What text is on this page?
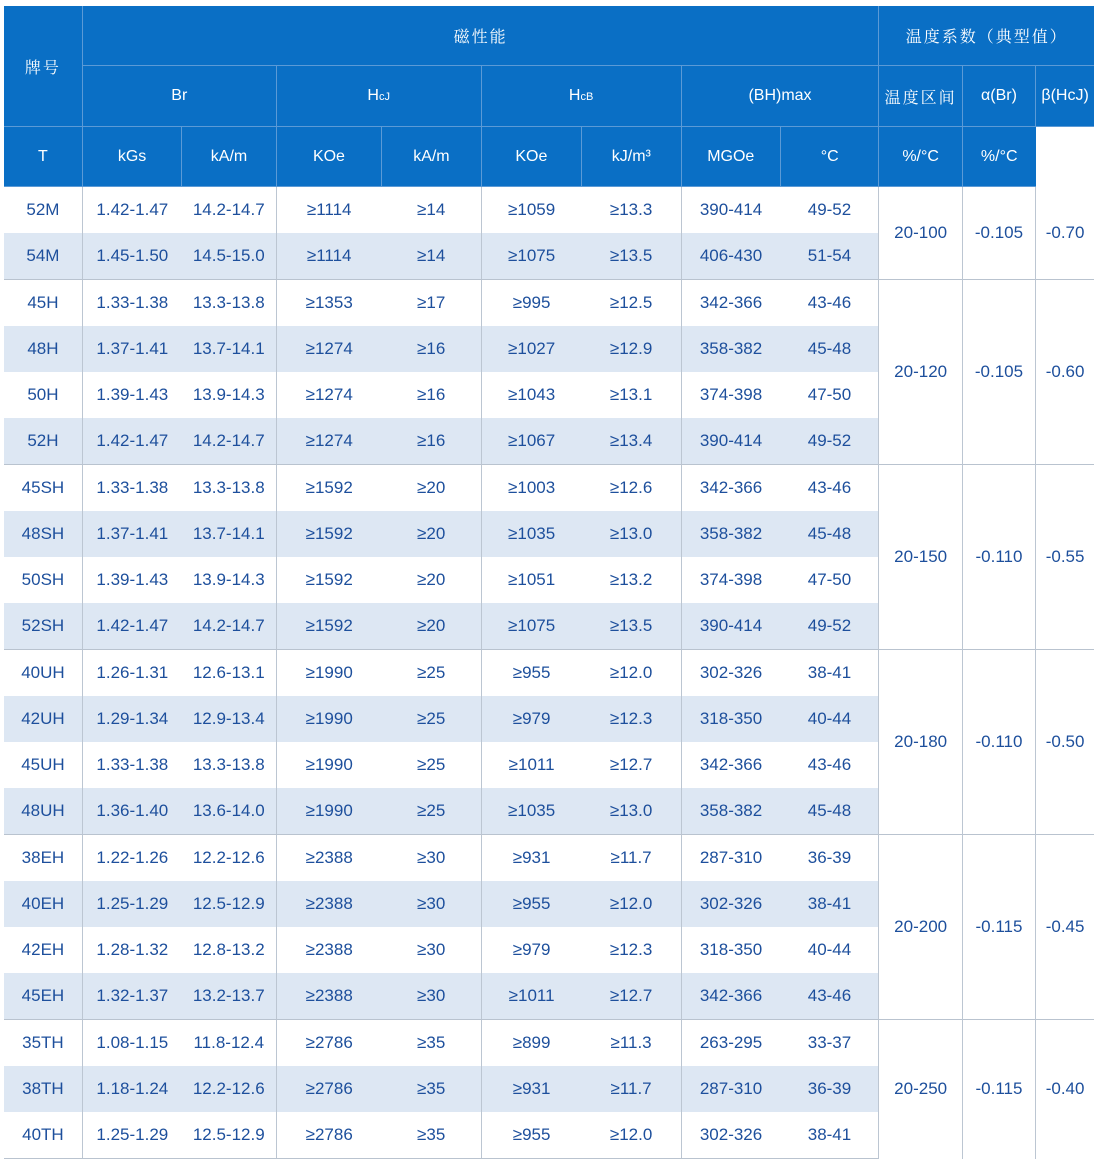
牌号	磁性能								温度系数（典型值）		
	Br		HcJ		HcB		(BH)max		温度区间	α(Br)	β(HcJ)
T	kGs	kA/m	KOe	kA/m	KOe	kJ/m³	MGOe	°C	%/°C	%/°C	
52M	1.42-1.47	14.2-14.7	≥1114	≥14	≥1059	≥13.3	390-414	49-52	20-100	-0.105	-0.70
54M	1.45-1.50	14.5-15.0	≥1114	≥14	≥1075	≥13.5	406-430	51-54			
45H	1.33-1.38	13.3-13.8	≥1353	≥17	≥995	≥12.5	342-366	43-46	20-120	-0.105	-0.60
48H	1.37-1.41	13.7-14.1	≥1274	≥16	≥1027	≥12.9	358-382	45-48			
50H	1.39-1.43	13.9-14.3	≥1274	≥16	≥1043	≥13.1	374-398	47-50			
52H	1.42-1.47	14.2-14.7	≥1274	≥16	≥1067	≥13.4	390-414	49-52			
45SH	1.33-1.38	13.3-13.8	≥1592	≥20	≥1003	≥12.6	342-366	43-46	20-150	-0.110	-0.55
48SH	1.37-1.41	13.7-14.1	≥1592	≥20	≥1035	≥13.0	358-382	45-48			
50SH	1.39-1.43	13.9-14.3	≥1592	≥20	≥1051	≥13.2	374-398	47-50			
52SH	1.42-1.47	14.2-14.7	≥1592	≥20	≥1075	≥13.5	390-414	49-52			
40UH	1.26-1.31	12.6-13.1	≥1990	≥25	≥955	≥12.0	302-326	38-41	20-180	-0.110	-0.50
42UH	1.29-1.34	12.9-13.4	≥1990	≥25	≥979	≥12.3	318-350	40-44			
45UH	1.33-1.38	13.3-13.8	≥1990	≥25	≥1011	≥12.7	342-366	43-46			
48UH	1.36-1.40	13.6-14.0	≥1990	≥25	≥1035	≥13.0	358-382	45-48			
38EH	1.22-1.26	12.2-12.6	≥2388	≥30	≥931	≥11.7	287-310	36-39	20-200	-0.115	-0.45
40EH	1.25-1.29	12.5-12.9	≥2388	≥30	≥955	≥12.0	302-326	38-41			
42EH	1.28-1.32	12.8-13.2	≥2388	≥30	≥979	≥12.3	318-350	40-44			
45EH	1.32-1.37	13.2-13.7	≥2388	≥30	≥1011	≥12.7	342-366	43-46			
35TH	1.08-1.15	11.8-12.4	≥2786	≥35	≥899	≥11.3	263-295	33-37	20-250	-0.115	-0.40
38TH	1.18-1.24	12.2-12.6	≥2786	≥35	≥931	≥11.7	287-310	36-39			
40TH	1.25-1.29	12.5-12.9	≥2786	≥35	≥955	≥12.0	302-326	38-41			
